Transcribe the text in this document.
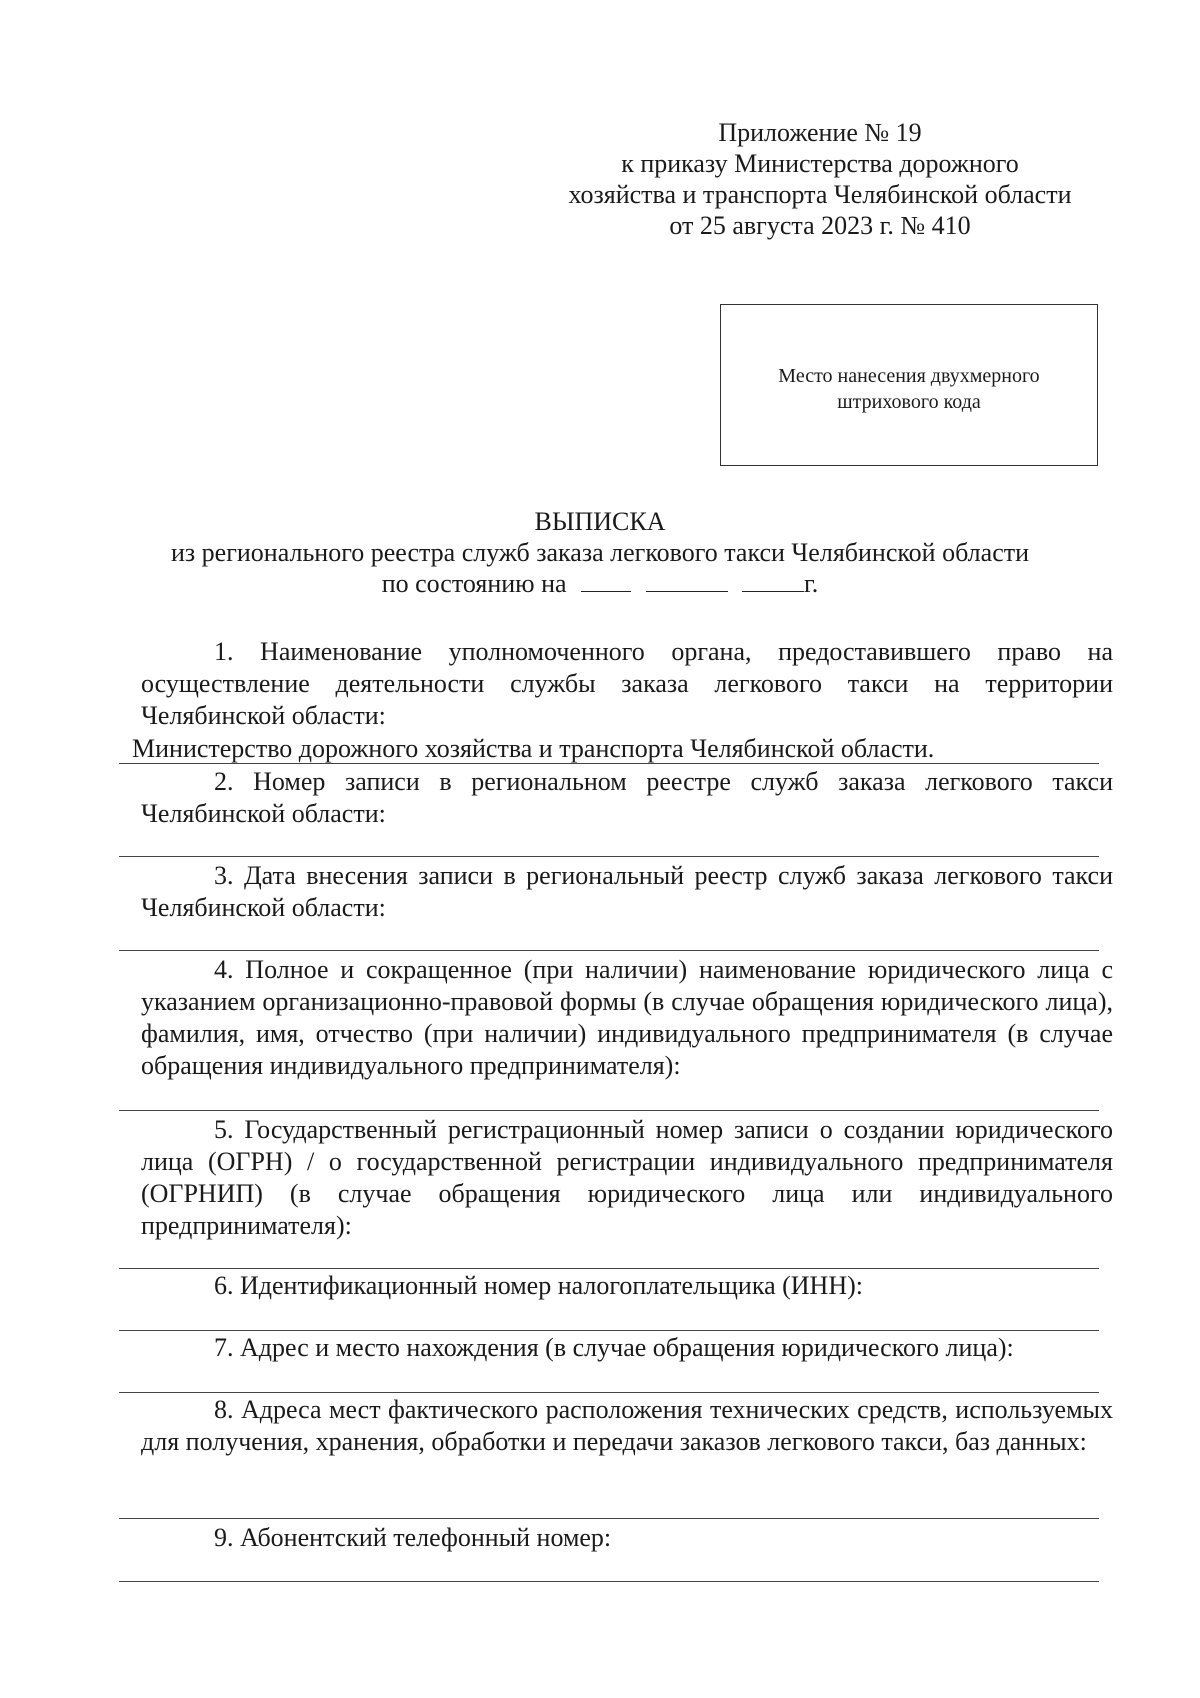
Приложение № 19
к приказу Министерства дорожного
хозяйства и транспорта Челябинской области
от 25 августа 2023 г. № 410
Место нанесения двухмерного
штрихового кода
ВЫПИСКА
из регионального реестра служб заказа легкового такси Челябинской области
по состоянию на	г.
1. Наименование уполномоченного органа, предоставившего право на осуществление деятельности службы заказа легкового такси на территории Челябинской области:
Министерство дорожного хозяйства и транспорта Челябинской области.
2. Номер записи в региональном реестре служб заказа легкового такси Челябинской области:
3. Дата внесения записи в региональный реестр служб заказа легкового такси Челябинской области:
4. Полное и сокращенное (при наличии) наименование юридического лица с указанием организационно-правовой формы (в случае обращения юридического лица), фамилия, имя, отчество (при наличии) индивидуального предпринимателя (в случае обращения индивидуального предпринимателя):
5. Государственный регистрационный номер записи о создании юридического лица (ОГРН) / о государственной регистрации индивидуального предпринимателя (ОГРНИП) (в случае обращения юридического лица или индивидуального предпринимателя):
6. Идентификационный номер налогоплательщика (ИНН):
7. Адрес и место нахождения (в случае обращения юридического лица):
8. Адреса мест фактического расположения технических средств, используемых для получения, хранения, обработки и передачи заказов легкового такси, баз данных:
9. Абонентский телефонный номер:
